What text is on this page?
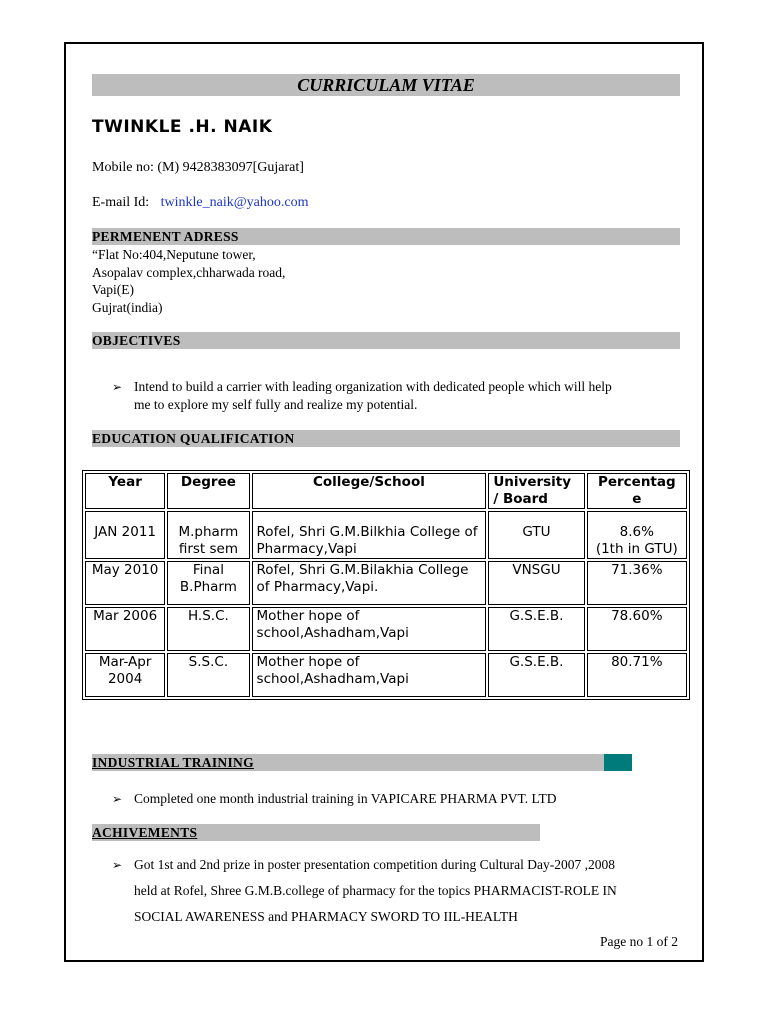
CURRICULAM VITAE
TWINKLE .H. NAIK
Mobile no: (M) 9428383097[Gujarat]
E-mail Id: twinkle_naik@yahoo.com
PERMENENT ADRESS
“Flat No:404,Neputune tower,
Asopalav complex,chharwada road,
Vapi(E)
Gujrat(india)
OBJECTIVES
➢ Intend to build a carrier with leading organization with dedicated people which will help
me to explore my self fully and realize my potential.
EDUCATION QUALIFICATION
Year	Degree	College/School	University / Board	Percentag e
JAN 2011	M.pharm first sem	Rofel, Shri G.M.Bilkhia College of Pharmacy,Vapi	GTU	8.6%
(1th in GTU)

May 2010	Final B.Pharm	Rofel, Shri G.M.Bilakhia College of Pharmacy,Vapi.	VNSGU	71.36%
Mar 2006	H.S.C.	Mother hope of school,Ashadham,Vapi	G.S.E.B.	78.60%
Mar-Apr 2004	S.S.C.	Mother hope of school,Ashadham,Vapi	G.S.E.B.	80.71%
INDUSTRIAL TRAINING
➢ Completed one month industrial training in VAPICARE PHARMA PVT. LTD
ACHIVEMENTS
➢ Got 1st and 2nd prize in poster presentation competition during Cultural Day-2007 ,2008
held at Rofel, Shree G.M.B.college of pharmacy for the topics PHARMACIST-ROLE IN
SOCIAL AWARENESS and PHARMACY SWORD TO IIL-HEALTH
Page no 1 of 2
